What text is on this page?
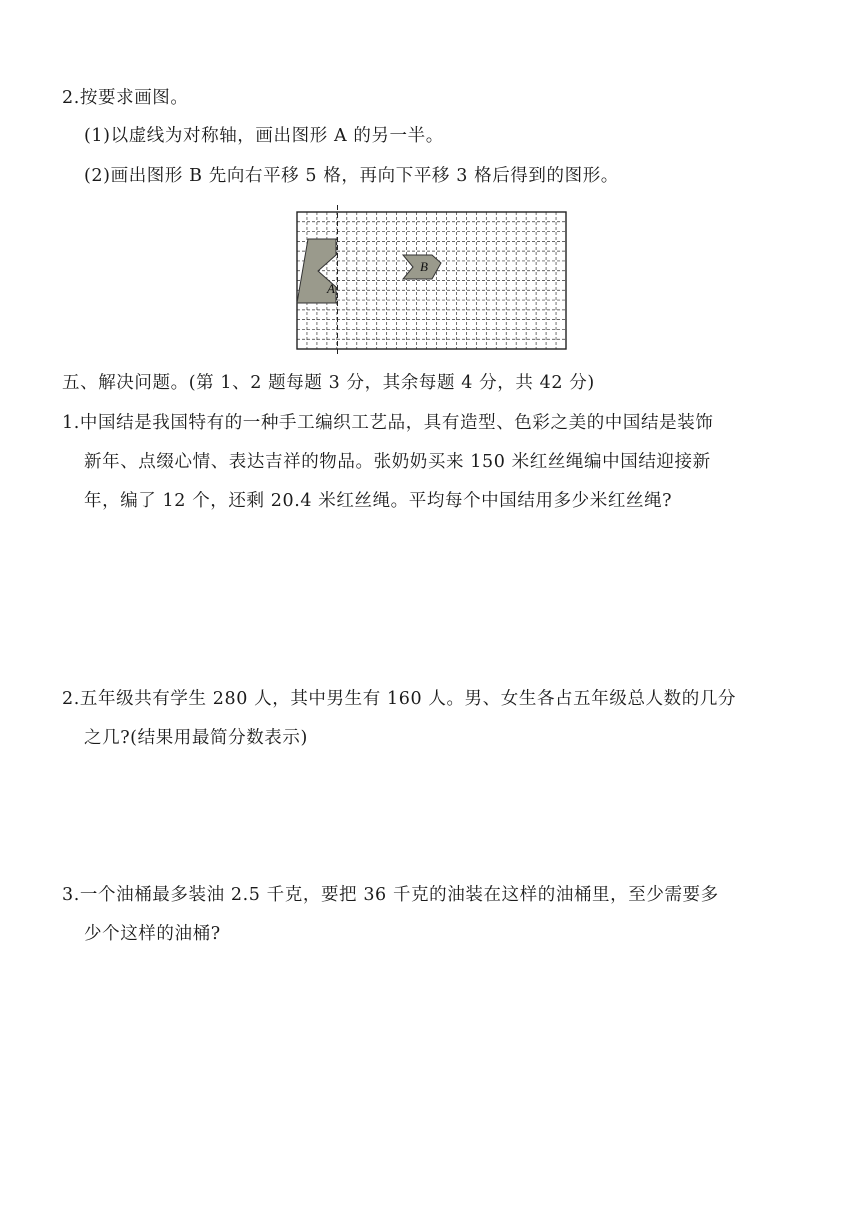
2.按要求画图。
(1)以虚线为对称轴，画出图形 A 的另一半。
(2)画出图形 B 先向右平移 5 格，再向下平移 3 格后得到的图形。
A
B
五、解决问题。(第 1、2 题每题 3 分，其余每题 4 分，共 42 分)
1.中国结是我国特有的一种手工编织工艺品，具有造型、色彩之美的中国结是装饰
新年、点缀心情、表达吉祥的物品。张奶奶买来 150 米红丝绳编中国结迎接新
年，编了 12 个，还剩 20.4 米红丝绳。平均每个中国结用多少米红丝绳?
2.五年级共有学生 280 人，其中男生有 160 人。男、女生各占五年级总人数的几分
之几?(结果用最简分数表示)
3.一个油桶最多装油 2.5 千克，要把 36 千克的油装在这样的油桶里，至少需要多
少个这样的油桶?
